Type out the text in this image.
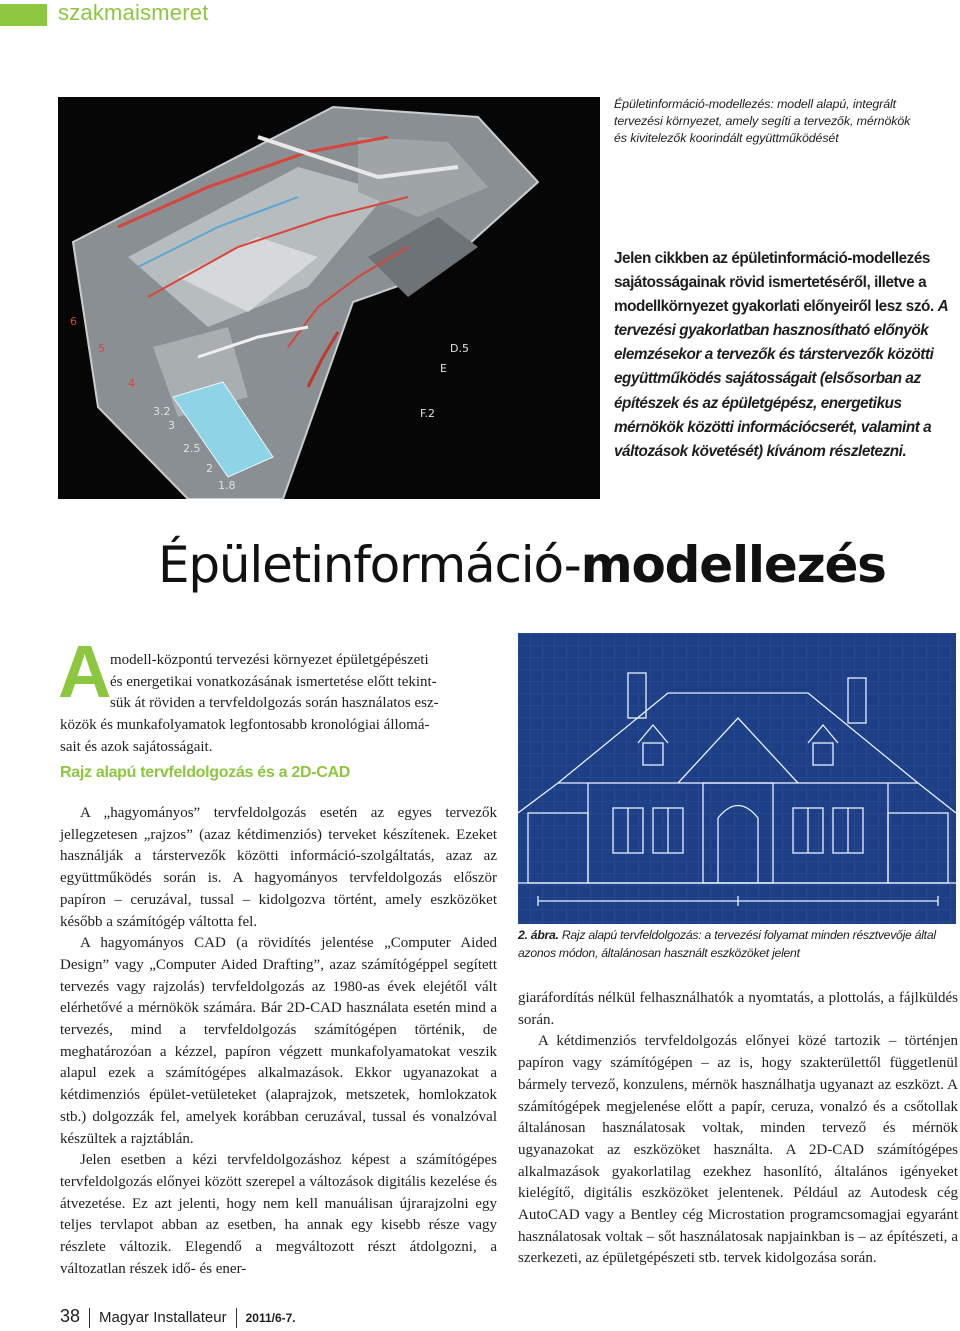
szakmaismeret
6
5
4
3.2
3
2.5
2
1.8
F.2
D.5
E
Épületinformáció-modellezés: modell alapú, integrált tervezési környezet, amely segíti a tervezők, mérnökök és kivitelezők koorindált együttműködését
Jelen cikkben az épületinformáció-modellezés sajátosságainak rövid ismertetéséről, illetve a modellkörnyezet gyakorlati előnyeiről lesz szó. A tervezési gyakorlatban hasznosítható előnyök elemzésekor a tervezők és társtervezők közötti együttműködés sajátosságait (elsősorban az építészek és az épületgépész, energetikus mérnökök közötti információcserét, valamint a változások követését) kívánom részletezni.
Épületinformáció-modellezés
A
modell-központú tervezési környezet épületgépészeti
és energetikai vonatkozásának ismertetése előtt tekint-
sük át röviden a tervfeldolgozás során használatos esz-
közök és munkafolyamatok legfontosabb kronológiai állomá-
sait és azok sajátosságait.
Rajz alapú tervfeldolgozás és a 2D-CAD

A „hagyományos” tervfeldolgozás esetén az egyes tervezők jellegzetesen „rajzos” (azaz kétdimenziós) terveket készítenek. Ezeket használják a társtervezők közötti információ-szolgáltatás, azaz az együttműködés során is. A hagyományos tervfeldolgozás először papíron – ceruzával, tussal – kidolgozva történt, amely eszközöket később a számítógép váltotta fel.

A hagyományos CAD (a rövidítés jelentése „Computer Aided Design” vagy „Computer Aided Drafting”, azaz számítógéppel segített tervezés vagy rajzolás) tervfeldolgozás az 1980-as évek elejétől vált elérhetővé a mérnökök számára. Bár 2D-CAD használata esetén mind a tervezés, mind a tervfeldolgozás számítógépen történik, de meghatározóan a kézzel, papíron végzett munkafolyamatokat veszik alapul ezek a számítógépes alkalmazások. Ekkor ugyanazokat a kétdimenziós épület-vetületeket (alaprajzok, metszetek, homlokzatok stb.) dolgozzák fel, amelyek korábban ceruzával, tussal és vonalzóval készültek a rajztáblán.

Jelen esetben a kézi tervfeldolgozáshoz képest a számítógépes tervfeldolgozás előnyei között szerepel a változások digitális kezelése és átvezetése. Ez azt jelenti, hogy nem kell manuálisan újrarajzolni egy teljes tervlapot abban az esetben, ha annak egy kisebb része vagy részlete változik. Elegendő a megváltozott részt átdolgozni, a változatlan részek idő- és ener-

2. ábra. Rajz alapú tervfeldolgozás: a tervezési folyamat minden résztvevője által azonos módon, általánosan használt eszközöket jelent

giaráfordítás nélkül felhasználhatók a nyomtatás, a plottolás, a fájlküldés során.

A kétdimenziós tervfeldolgozás előnyei közé tartozik – történjen papíron vagy számítógépen – az is, hogy szakterülettől függetlenül bármely tervező, konzulens, mérnök használhatja ugyanazt az eszközt. A számítógépek megjelenése előtt a papír, ceruza, vonalzó és a csőtollak általánosan használatosak voltak, minden tervező és mérnök ugyanazokat az eszközöket használta. A 2D-CAD számítógépes alkalmazások gyakorlatilag ezekhez hasonlító, általános igényeket kielégítő, digitális eszközöket jelentenek. Például az Autodesk cég AutoCAD vagy a Bentley cég Microstation programcsomagjai egyaránt használatosak voltak – sőt használatosak napjainkban is – az építészeti, a szerkezeti, az épületgépészeti stb. tervek kidolgozása során.

38 Magyar Installateur 2011/6-7.
